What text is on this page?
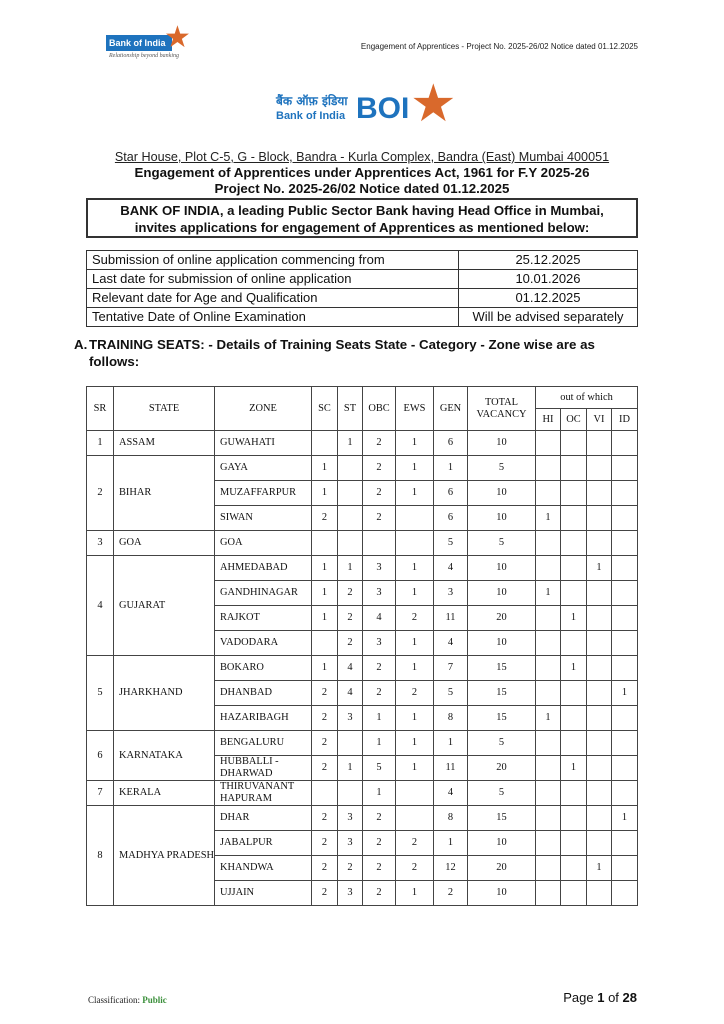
Bank of India
★
Relationship beyond banking
Engagement of Apprentices - Project No. 2025-26/02 Notice dated 01.12.2025
बैंक ऑफ़ इंडिया
Bank of India BOI ★
Star House, Plot C-5, G - Block, Bandra - Kurla Complex, Bandra (East) Mumbai 400051
Engagement of Apprentices under Apprentices Act, 1961 for F.Y 2025-26
Project No. 2025-26/02 Notice dated 01.12.2025
BANK OF INDIA, a leading Public Sector Bank having Head Office in Mumbai,
invites applications for engagement of Apprentices as mentioned below:
Submission of online application commencing from	25.12.2025
Last date for submission of online application	10.01.2026
Relevant date for Age and Qualification	01.12.2025
Tentative Date of Online Examination	Will be advised separately
A. TRAINING SEATS: - Details of Training Seats State - Category - Zone wise are as follows:
SR	STATE	ZONE	SC	ST	OBC	EWS	GEN	TOTAL VACANCY	out of which			
									HI	OC	VI	ID
1	ASSAM	GUWAHATI		1	2	1	6	10				
2	BIHAR	GAYA	1		2	1	1	5				
		MUZAFFARPUR	1		2	1	6	10				
		SIWAN	2		2		6	10	1			
3	GOA	GOA					5	5				
4	GUJARAT	AHMEDABAD	1	1	3	1	4	10			1	
		GANDHINAGAR	1	2	3	1	3	10	1			
		RAJKOT	1	2	4	2	11	20		1		
		VADODARA		2	3	1	4	10				
5	JHARKHAND	BOKARO	1	4	2	1	7	15		1		
		DHANBAD	2	4	2	2	5	15				1
		HAZARIBAGH	2	3	1	1	8	15	1			
6	KARNATAKA	BENGALURU	2		1	1	1	5				
		HUBBALLI - DHARWAD	2	1	5	1	11	20		1		
7	KERALA	THIRUVANANT HAPURAM			1		4	5				
8	MADHYA PRADESH	DHAR	2	3	2		8	15				1
		JABALPUR	2	3	2	2	1	10				
		KHANDWA	2	2	2	2	12	20			1	
		UJJAIN	2	3	2	1	2	10				
Classification: Public	Page 1 of 28
